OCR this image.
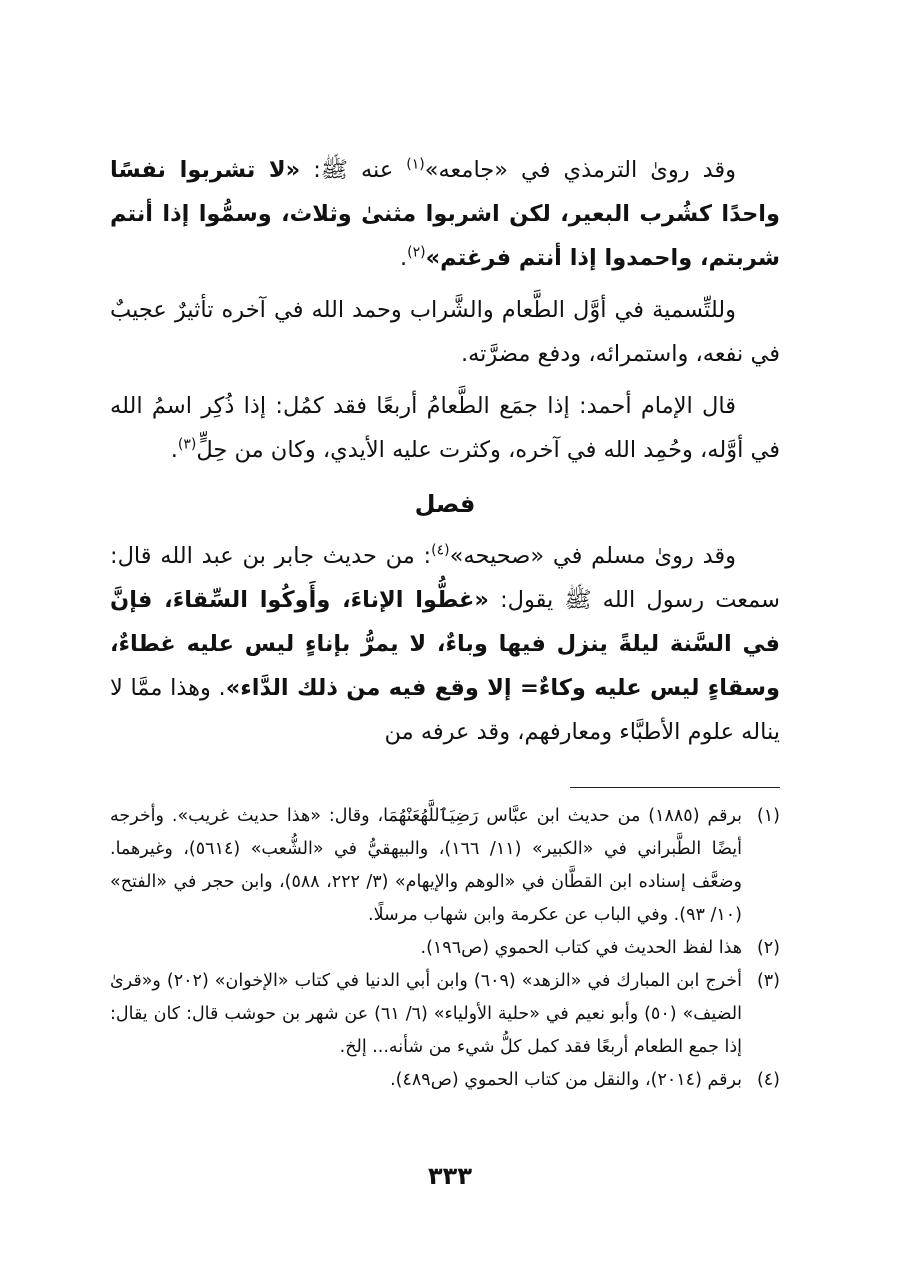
وقد روىٰ الترمذي في «جامعه»$^{(١)}$ عنه ﷺ: «لا تشربوا نفسًا واحدًا كشُرب البعير، لكن اشربوا مثنىٰ وثلاث، وسمُّوا إذا أنتم شربتم، واحمدوا إذا أنتم فرغتم»$^{(٢)}$.

وللتِّسمية في أوَّل الطَّعام والشَّراب وحمد الله في آخره تأثيرٌ عجيبٌ في نفعه، واستمرائه، ودفع مضرَّته.

قال الإمام أحمد: إذا جمَع الطَّعامُ أربعًا فقد كمُل: إذا ذُكِر اسمُ الله في أوَّله، وحُمِد الله في آخره، وكثرت عليه الأيدي، وكان من حِلٍّ$^{(٣)}$.

فصل

وقد روىٰ مسلم في «صحيحه»$^{(٤)}$: من حديث جابر بن عبد الله قال: سمعت رسول الله ﷺ يقول: «غطُّوا الإناءَ، وأَوكُوا السِّقاءَ، فإنَّ في السَّنة ليلةً ينزل فيها وباءٌ، لا يمرُّ بإناءٍ ليس عليه غطاءٌ، وسقاءٍ ليس عليه وكاءٌ= إلا وقع فيه من ذلك الدَّاء». وهذا ممَّا لا يناله علوم الأطبَّاء ومعارفهم، وقد عرفه من

(١)
برقم (١٨٨٥) من حديث ابن عبَّاس رَضِيَٱللَّهُعَنْهُمَا، وقال: «هذا حديث غريب». وأخرجه أيضًا الطَّبراني في «الكبير» (١١/ ١٦٦)، والبيهقيُّ في «الشُّعب» (٥٦١٤)، وغيرهما. وضعَّف إسناده ابن القطَّان في «الوهم والإيهام» (٣/ ٢٢٢، ٥٨٨)، وابن حجر في «الفتح» (١٠/ ٩٣). وفي الباب عن عكرمة وابن شهاب مرسلًا.
(٢)
هذا لفظ الحديث في كتاب الحموي (ص١٩٦).
(٣)
أخرج ابن المبارك في «الزهد» (٦٠٩) وابن أبي الدنيا في كتاب «الإخوان» (٢٠٢) و«قرىٰ الضيف» (٥٠) وأبو نعيم في «حلية الأولياء» (٦/ ٦١) عن شهر بن حوشب قال: كان يقال: إذا جمع الطعام أربعًا فقد كمل كلُّ شيء من شأنه... إلخ.
(٤)
برقم (٢٠١٤)، والنقل من كتاب الحموي (ص٤٨٩).
٣٣٣
